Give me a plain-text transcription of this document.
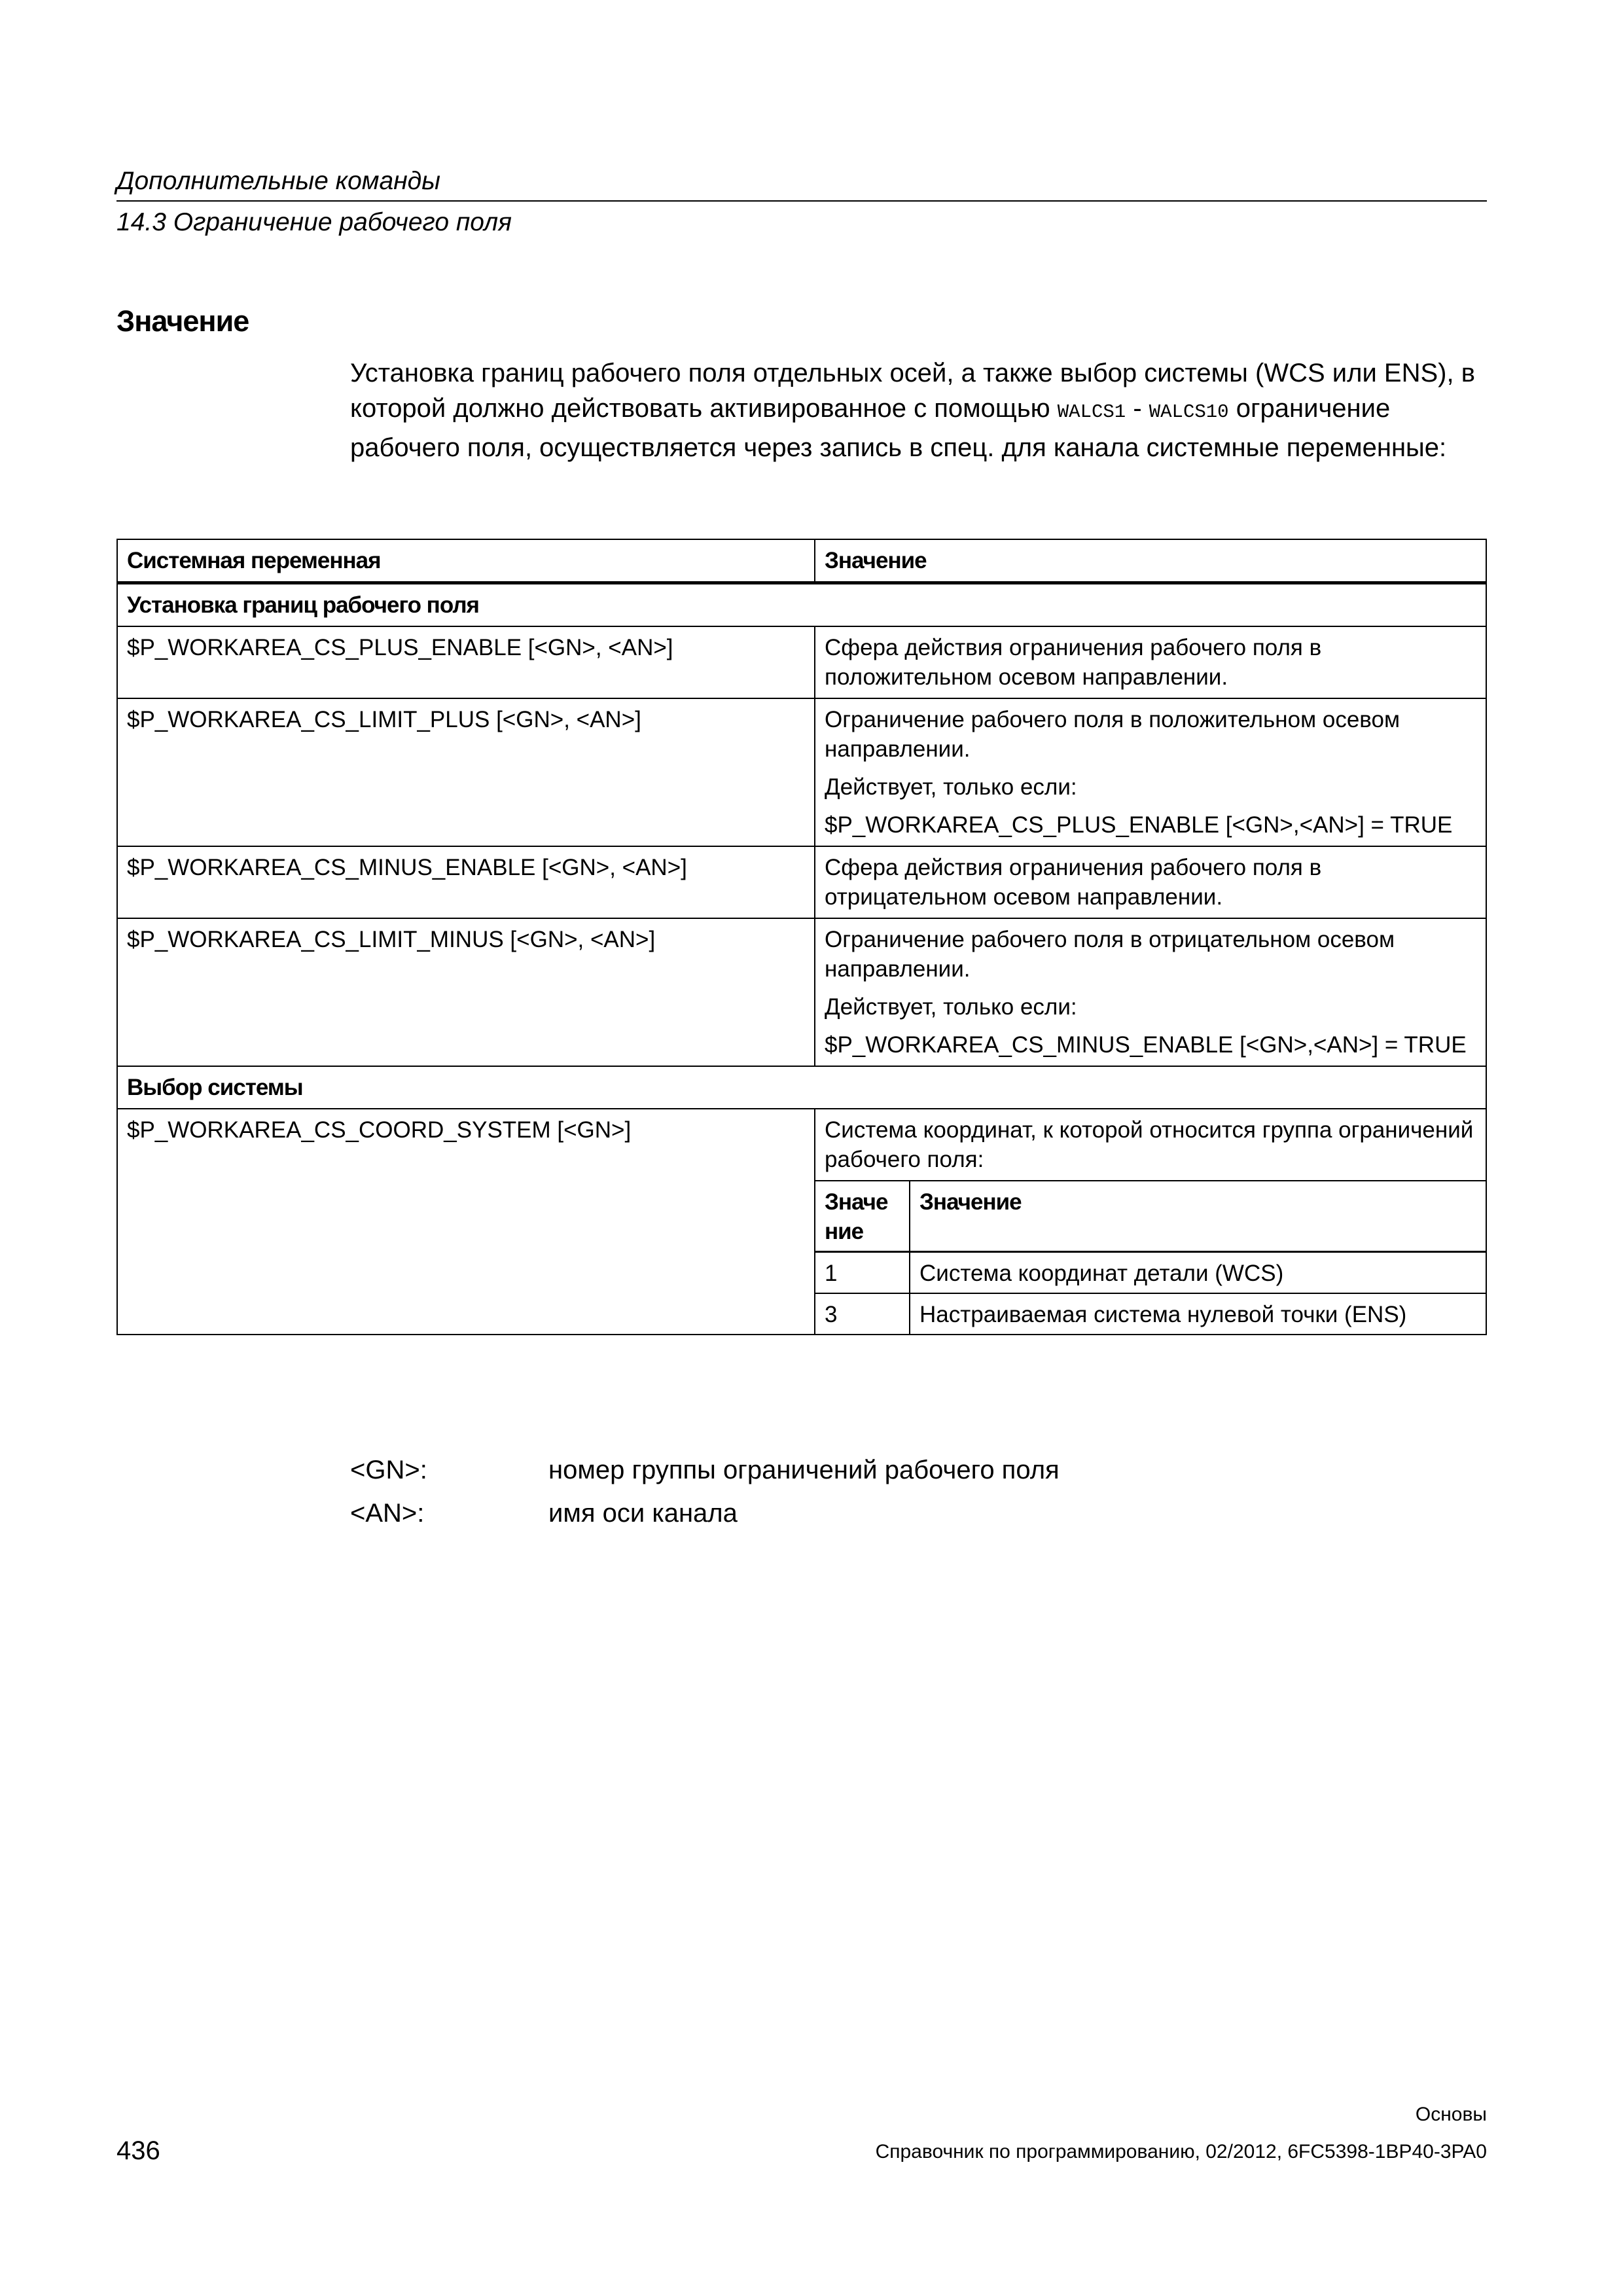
Дополнительные команды
14.3 Ограничение рабочего поля
Значение
Установка границ рабочего поля отдельных осей, а также выбор системы (WCS или ENS), в которой должно действовать активированное с помощью WALCS1 - WALCS10 ограничение рабочего поля, осуществляется через запись в спец. для канала системные переменные:
Системная переменная	Значение
Установка границ рабочего поля
$P_WORKAREA_CS_PLUS_ENABLE [<GN>, <AN>]	Сфера действия ограничения рабочего поля в положительном осевом направлении.

$P_WORKAREA_CS_LIMIT_PLUS [<GN>, <AN>]	Ограничение рабочего поля в положительном осевом направлении.
Действует, только если:
$P_WORKAREA_CS_PLUS_ENABLE [<GN>,<AN>] = TRUE

$P_WORKAREA_CS_MINUS_ENABLE [<GN>, <AN>]	Сфера действия ограничения рабочего поля в отрицательном осевом направлении.

$P_WORKAREA_CS_LIMIT_MINUS [<GN>, <AN>]	Ограничение рабочего поля в отрицательном осевом направлении.
Действует, только если:
$P_WORKAREA_CS_MINUS_ENABLE [<GN>,<AN>] = TRUE

Выбор системы
$P_WORKAREA_CS_COORD_SYSTEM [<GN>]	Система координат, к которой относится группа ограничений рабочего поля:
Значе ние	Значение
1	Система координат детали (WCS)
3	Настраиваемая система нулевой точки (ENS)
<GN>:	номер группы ограничений рабочего поля
<AN>:	имя оси канала
Основы
436	Справочник по программированию, 02/2012, 6FC5398-1BP40-3PA0
